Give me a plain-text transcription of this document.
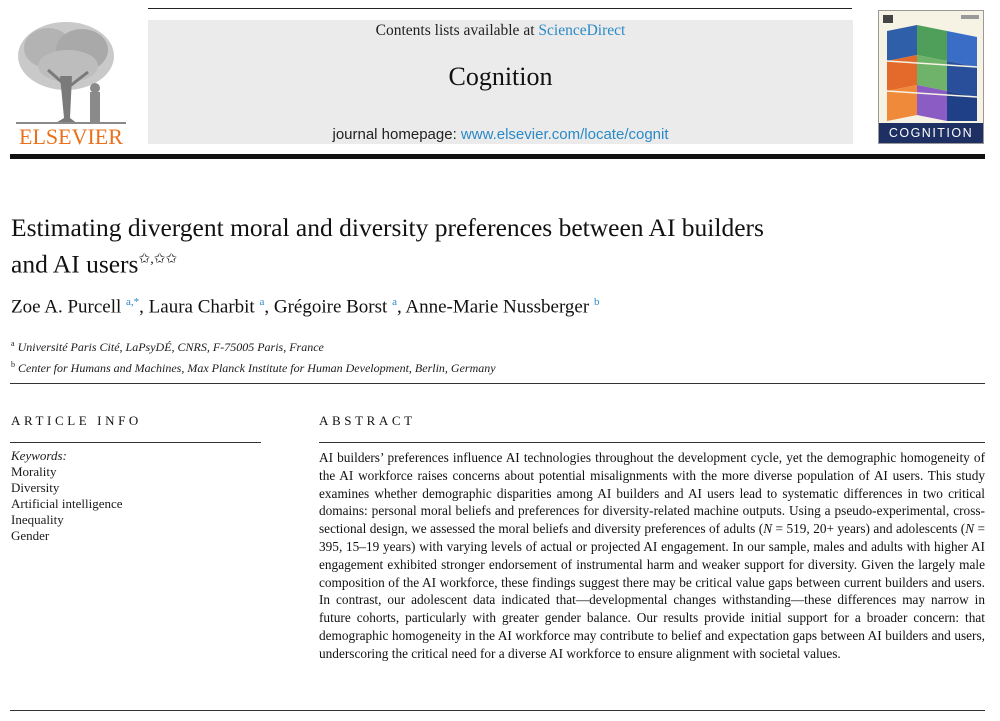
ELSEVIER
Contents lists available at ScienceDirect
Cognition
journal homepage: www.elsevier.com/locate/cognit	COGNITION
Estimating divergent moral and diversity preferences between AI builders
and AI users✩,✩✩
Zoe A. Purcell $^{a,*}$, Laura Charbit $^a$, Grégoire Borst $^a$, Anne-Marie Nussberger $^b$
$^a$ Université Paris Cité, LaPsyDÉ, CNRS, F-75005 Paris, France
$^b$ Center for Humans and Machines, Max Planck Institute for Human Development, Berlin, Germany
ARTICLE INFO	ABSTRACT
Keywords:
Morality
Diversity
Artificial intelligence
Inequality
Gender
AI builders’ preferences influence AI technologies throughout the development cycle, yet the demographic homogeneity of the AI workforce raises concerns about potential misalignments with the more diverse population of AI users. This study examines whether demographic disparities among AI builders and AI users lead to systematic differences in two critical domains: personal moral beliefs and preferences for diversity-related machine outputs. Using a pseudo-experimental, cross-sectional design, we assessed the moral beliefs and diversity preferences of adults (N = 519, 20+ years) and adolescents (N = 395, 15–19 years) with varying levels of actual or projected AI engagement. In our sample, males and adults with higher AI engagement exhibited stronger endorsement of instrumental harm and weaker support for diversity. Given the largely male composition of the AI workforce, these findings suggest there may be critical value gaps between current builders and users. In contrast, our adolescent data indicated that—developmental changes withstanding—these differences may narrow in future cohorts, particularly with greater gender balance. Our results provide initial support for a broader concern: that demographic homogeneity in the AI workforce may contribute to belief and expectation gaps between AI builders and users, underscoring the critical need for a diverse AI workforce to ensure alignment with societal values.
